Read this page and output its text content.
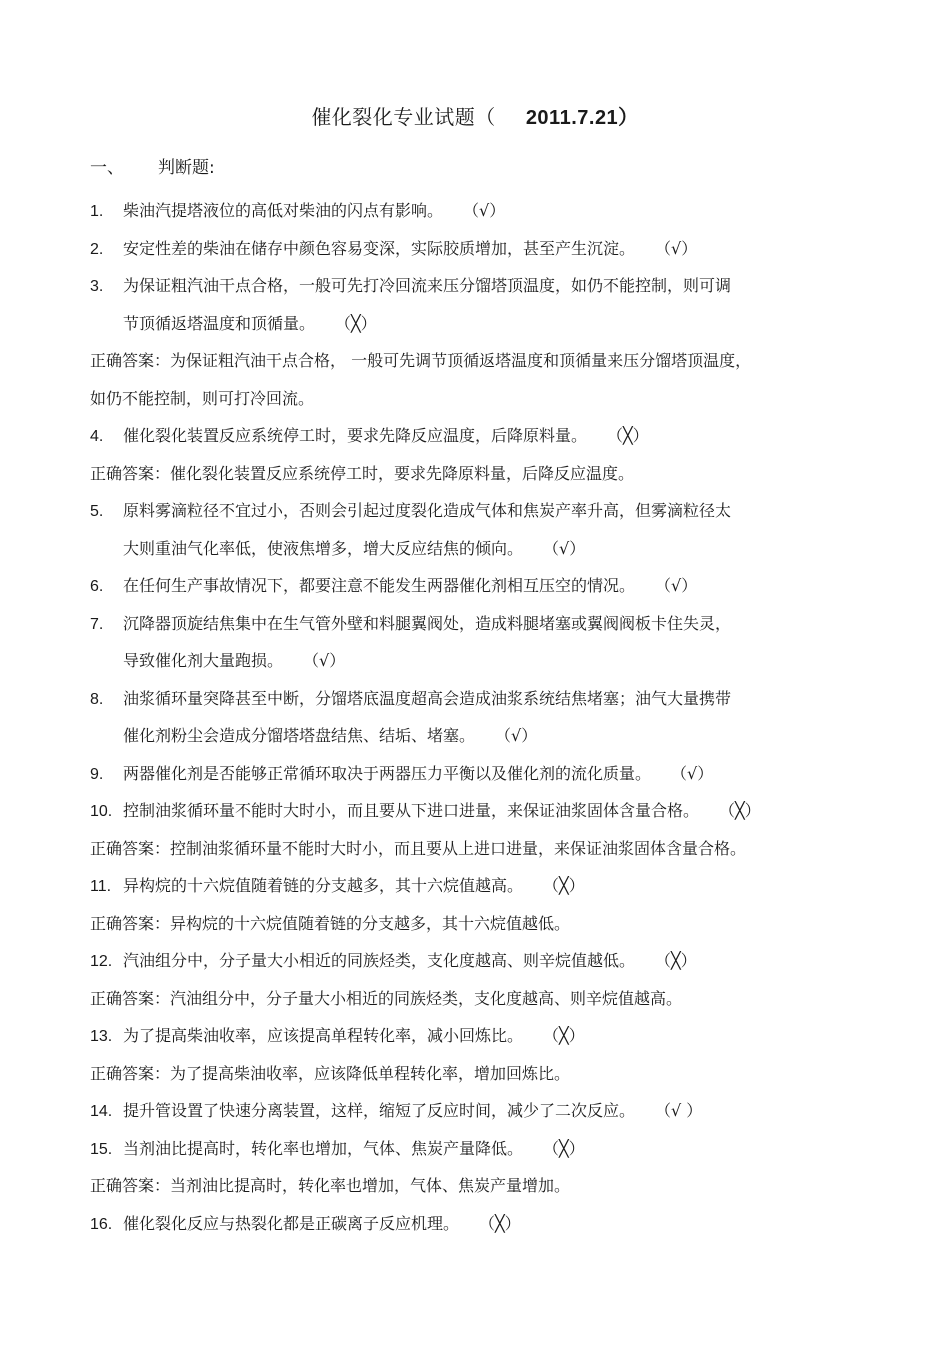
催化裂化专业试题（ 2011.7.21）
一、 判断题:
1. 柴油汽提塔液位的高低对柴油的闪点有影响。 （√）
2. 安定性差的柴油在储存中颜色容易变深，实际胶质增加，甚至产生沉淀。 （√）
3. 为保证粗汽油干点合格，一般可先打冷回流来压分馏塔顶温度，如仍不能控制，则可调
节顶循返塔温度和顶循量。 （╳）
正确答案：为保证粗汽油干点合格， 一般可先调节顶循返塔温度和顶循量来压分馏塔顶温度，
如仍不能控制，则可打冷回流。
4. 催化裂化装置反应系统停工时，要求先降反应温度，后降原料量。 （╳）
正确答案：催化裂化装置反应系统停工时，要求先降原料量，后降反应温度。
5. 原料雾滴粒径不宜过小，否则会引起过度裂化造成气体和焦炭产率升高，但雾滴粒径太
大则重油气化率低，使液焦增多，增大反应结焦的倾向。 （√）
6. 在任何生产事故情况下，都要注意不能发生两器催化剂相互压空的情况。 （√）
7. 沉降器顶旋结焦集中在生气管外壁和料腿翼阀处，造成料腿堵塞或翼阀阀板卡住失灵，
导致催化剂大量跑损。 （√）
8. 油浆循环量突降甚至中断，分馏塔底温度超高会造成油浆系统结焦堵塞；油气大量携带
催化剂粉尘会造成分馏塔塔盘结焦、结垢、堵塞。 （√）
9. 两器催化剂是否能够正常循环取决于两器压力平衡以及催化剂的流化质量。 （√）
10. 控制油浆循环量不能时大时小，而且要从下进口进量，来保证油浆固体含量合格。 （╳）
正确答案：控制油浆循环量不能时大时小，而且要从上进口进量，来保证油浆固体含量合格。
11. 异构烷的十六烷值随着链的分支越多，其十六烷值越高。 （╳）
正确答案：异构烷的十六烷值随着链的分支越多，其十六烷值越低。
12. 汽油组分中，分子量大小相近的同族烃类，支化度越高、则辛烷值越低。 （╳）
正确答案：汽油组分中，分子量大小相近的同族烃类，支化度越高、则辛烷值越高。
13. 为了提高柴油收率，应该提高单程转化率，减小回炼比。 （╳）
正确答案：为了提高柴油收率，应该降低单程转化率，增加回炼比。
14. 提升管设置了快速分离装置，这样，缩短了反应时间，减少了二次反应。 （√ ）
15. 当剂油比提高时，转化率也增加，气体、焦炭产量降低。 （╳）
正确答案：当剂油比提高时，转化率也增加，气体、焦炭产量增加。
16. 催化裂化反应与热裂化都是正碳离子反应机理。 （╳）
